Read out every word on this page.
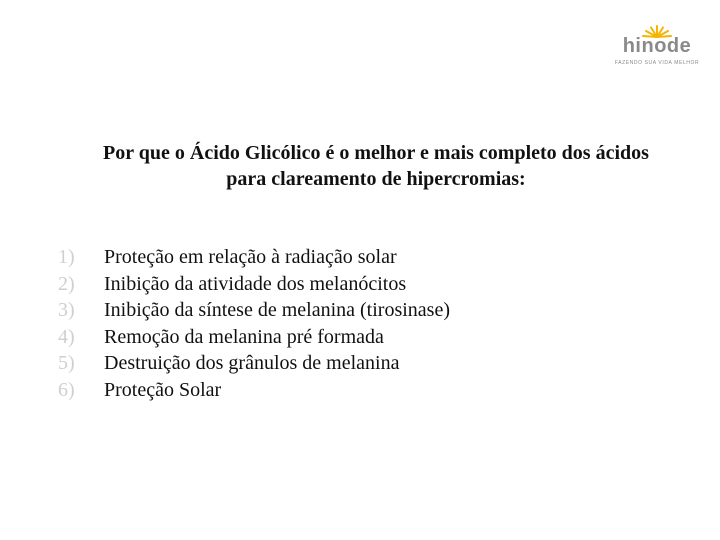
hinode
FAZENDO SUA VIDA MELHOR
Por que o Ácido Glicólico é o melhor e mais completo dos ácidos
para clareamento de hipercromias:
1)	Proteção em relação à radiação solar
2)	Inibição da atividade dos melanócitos
3)	Inibição da síntese de melanina (tirosinase)
4)	Remoção da melanina pré formada
5)	Destruição dos grânulos de melanina
6)	Proteção Solar
